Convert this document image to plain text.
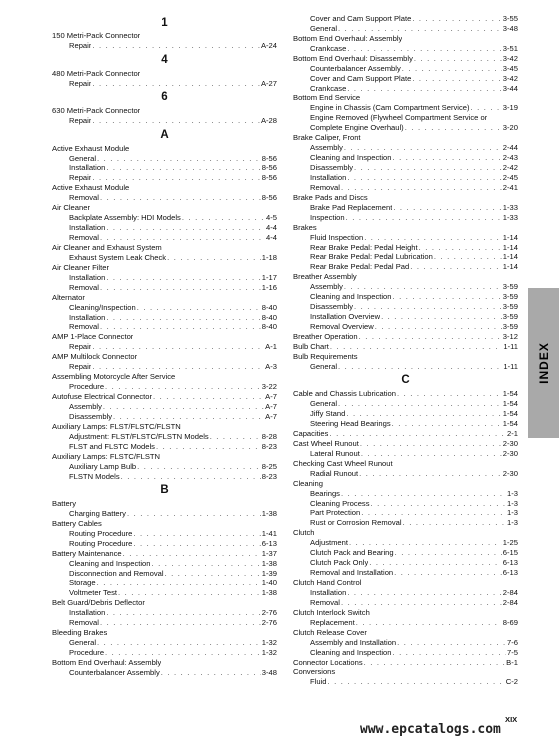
1
150 Metri-Pack Connector
Repair . . .	A-24
4
480 Metri-Pack Connector
Repair . . .	A-27
6
630 Metri-Pack Connector
Repair . . .	A-28
A
Active Exhaust Module
General . . .	8-56
Installation . . .	8-56
Repair . . .	8-56
Active Exhaust Module
Removal . . .	8-56
Air Cleaner
Backplate Assembly: HDI Models . . .	4-5
Installation . . .	4-4
Removal . . .	4-4
Air Cleaner and Exhaust System
Exhaust System Leak Check . . .	1-18
Air Cleaner Filter
Installation . . .	1-17
Removal . . .	1-16
Alternator
Cleaning/Inspection . . .	8-40
Installation . . .	8-40
Removal . . .	8-40
AMP 1-Place Connector
Repair . . .	A-1
AMP Multilock Connector
Repair . . .	A-3
Assembling Motorcycle After Service
Procedure . . .	3-22
Autofuse Electrical Connector . . .	A-7
Assembly . . .	A-7
Disassembly . . .	A-7
Auxiliary Lamps: FLST/FLSTC/FLSTN
Adjustment: FLST/FLSTC/FLSTN Models . . .	8-28
FLST and FLSTC Models . . .	8-23
Auxiliary Lamps: FLSTC/FLSTN
Auxiliary Lamp Bulb . . .	8-25
FLSTN Models . . .	8-23
B
Battery
Charging Battery . . .	1-38
Battery Cables
Routing Procedure . . .	1-41
Routing Procedure . . .	6-13
Battery Maintenance . . .	1-37
Cleaning and Inspection . . .	1-38
Disconnection and Removal . . .	1-39
Storage . . .	1-40
Voltmeter Test . . .	1-38
Belt Guard/Debris Deflector
Installation . . .	2-76
Removal . . .	2-76
Bleeding Brakes
General . . .	1-32
Procedure . . .	1-32
Bottom End Overhaul: Assembly
Counterbalancer Assembly . . .	3-48
Cover and Cam Support Plate . . .	3-55
General . . .	3-48
Bottom End Overhaul: Assembly
Crankcase . . .	3-51
Bottom End Overhaul: Disassembly . . .	3-42
Counterbalancer Assembly . . .	3-45
Cover and Cam Support Plate . . .	3-42
Crankcase . . .	3-44
Bottom End Service
Engine in Chassis (Cam Compartment Service) . . .	3-19
Engine Removed (Flywheel Compartment Service or
Complete Engine Overhaul) . . .	3-20
Brake Caliper, Front
Assembly . . .	2-44
Cleaning and Inspection . . .	2-43
Disassembly . . .	2-42
Installation . . .	2-45
Removal . . .	2-41
Brake Pads and Discs
Brake Pad Replacement . . .	1-33
Inspection . . .	1-33
Brakes
Fluid Inspection . . .	1-14
Rear Brake Pedal: Pedal Height . . .	1-14
Rear Brake Pedal: Pedal Lubrication . . .	1-14
Rear Brake Pedal: Pedal Pad . . .	1-14
Breather Assembly
Assembly . . .	3-59
Cleaning and Inspection . . .	3-59
Disassembly . . .	3-59
Installation Overview . . .	3-59
Removal Overview . . .	3-59
Breather Operation . . .	3-12
Bulb Chart . . .	1-11
Bulb Requirements
General . . .	1-11
C
Cable and Chassis Lubrication . . .	1-54
General . . .	1-54
Jiffy Stand . . .	1-54
Steering Head Bearings . . .	1-54
Capacities . . .	2-1
Cast Wheel Runout . . .	2-30
Lateral Runout . . .	2-30
Checking Cast Wheel Runout
Radial Runout . . .	2-30
Cleaning
Bearings . . .	1-3
Cleaning Process . . .	1-3
Part Protection . . .	1-3
Rust or Corrosion Removal . . .	1-3
Clutch
Adjustment . . .	1-25
Clutch Pack and Bearing . . .	6-15
Clutch Pack Only . . .	6-13
Removal and Installation . . .	6-13
Clutch Hand Control
Installation . . .	2-84
Removal . . .	2-84
Clutch Interlock Switch
Replacement . . .	8-69
Clutch Release Cover
Assembly and Installation . . .	7-6
Cleaning and Inspection . . .	7-5
Connector Locations . . .	B-1
Conversions
Fluid . . .	C-2
INDEX
XIX
www.epcatalogs.com
